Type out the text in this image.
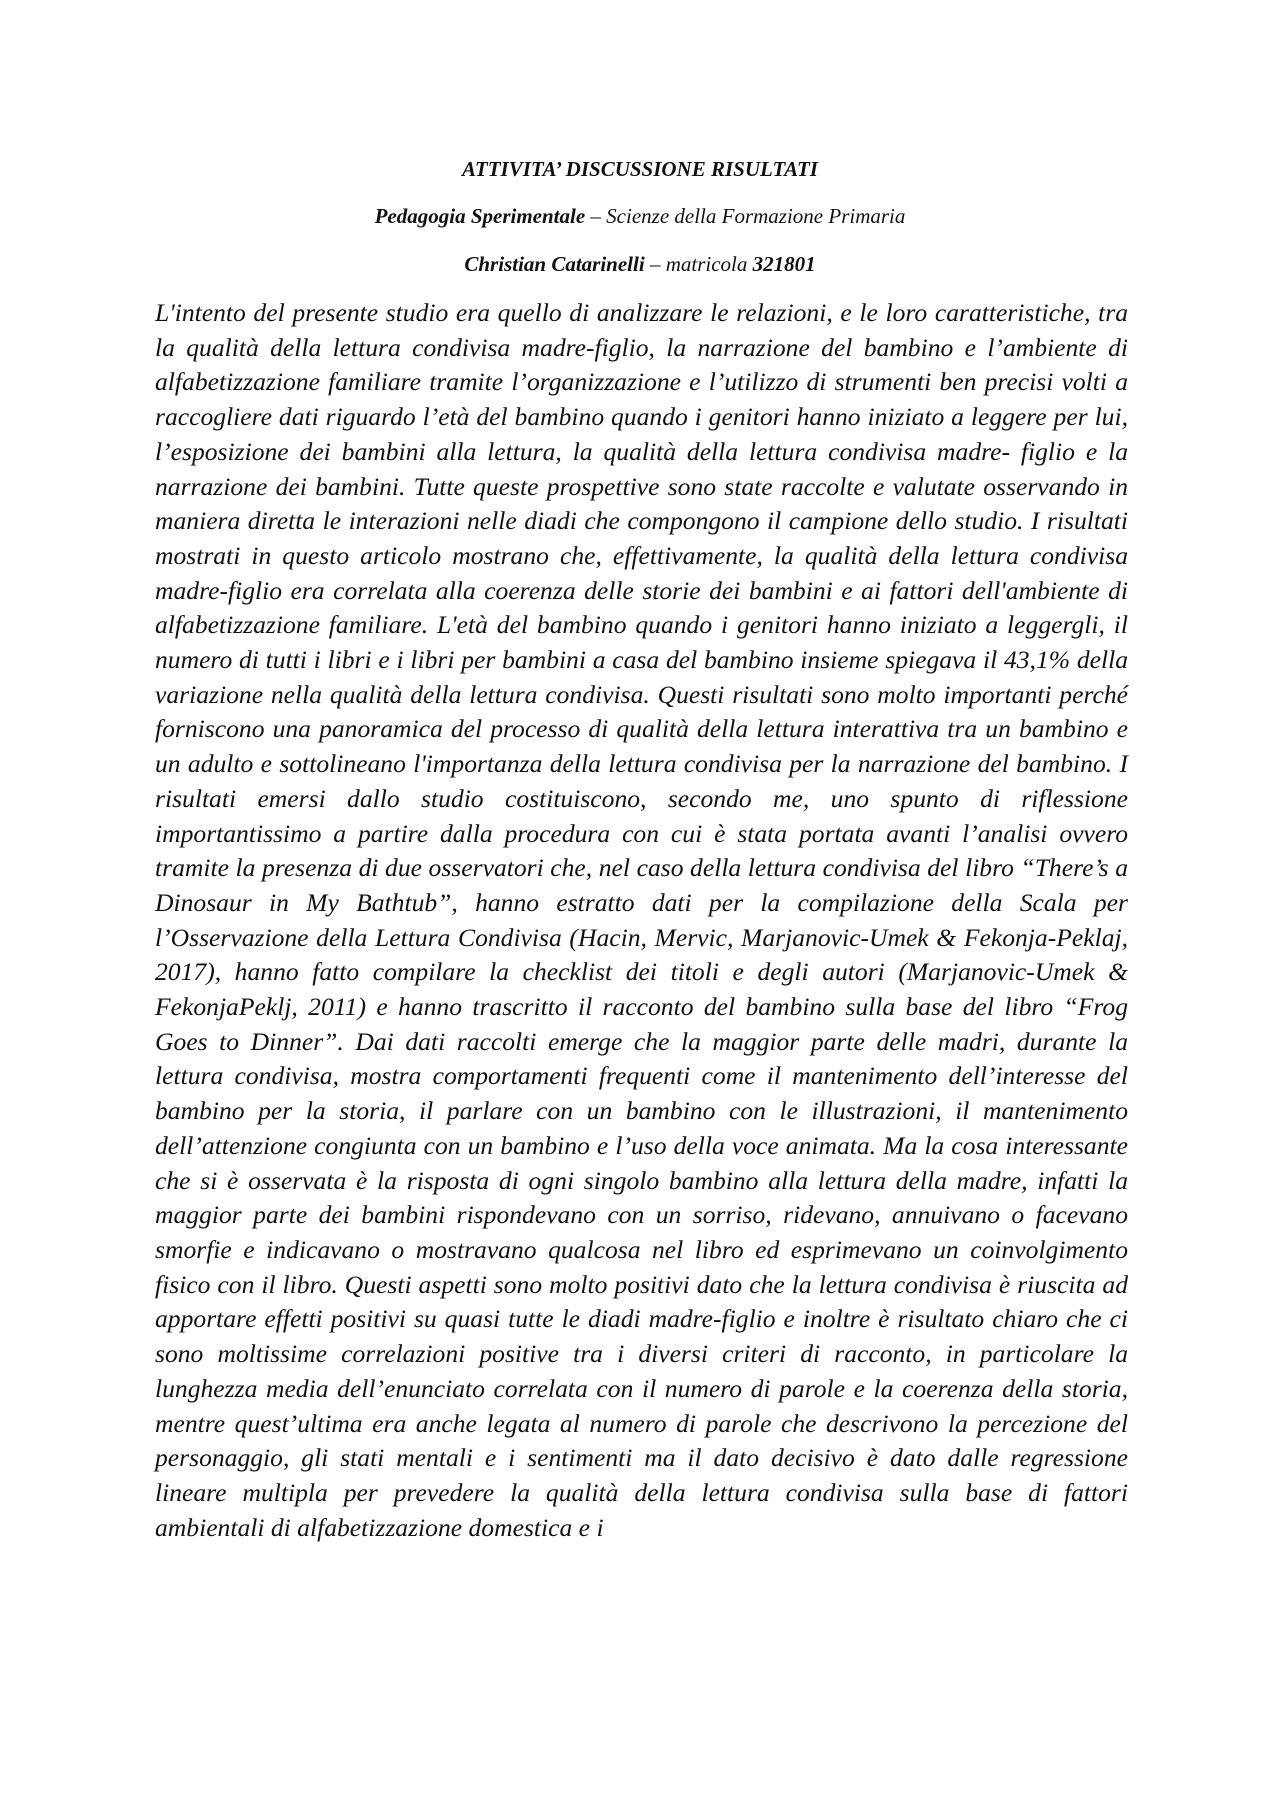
ATTIVITA’ DISCUSSIONE RISULTATI
Pedagogia Sperimentale – Scienze della Formazione Primaria
Christian Catarinelli – matricola 321801

L'intento del presente studio era quello di analizzare le relazioni, e le loro caratteristiche, tra la qualità della lettura condivisa madre-figlio, la narrazione del bambino e l’ambiente di alfabetizzazione familiare tramite l’organizzazione e l’utilizzo di strumenti ben precisi volti a raccogliere dati riguardo l’età del bambino quando i genitori hanno iniziato a leggere per lui, l’esposizione dei bambini alla lettura, la qualità della lettura condivisa madre- figlio e la narrazione dei bambini. Tutte queste prospettive sono state raccolte e valutate osservando in maniera diretta le interazioni nelle diadi che compongono il campione dello studio. I risultati mostrati in questo articolo mostrano che, effettivamente, la qualità della lettura condivisa madre-figlio era correlata alla coerenza delle storie dei bambini e ai fattori dell'ambiente di alfabetizzazione familiare. L'età del bambino quando i genitori hanno iniziato a leggergli, il numero di tutti i libri e i libri per bambini a casa del bambino insieme spiegava il 43,1% della variazione nella qualità della lettura condivisa. Questi risultati sono molto importanti perché forniscono una panoramica del processo di qualità della lettura interattiva tra un bambino e un adulto e sottolineano l'importanza della lettura condivisa per la narrazione del bambino. I risultati emersi dallo studio costituiscono, secondo me, uno spunto di riflessione importantissimo a partire dalla procedura con cui è stata portata avanti l’analisi ovvero tramite la presenza di due osservatori che, nel caso della lettura condivisa del libro “There’s a Dinosaur in My Bathtub”, hanno estratto dati per la compilazione della Scala per l’Osservazione della Lettura Condivisa (Hacin, Mervic, Marjanovic-Umek & Fekonja-Peklaj, 2017), hanno fatto compilare la checklist dei titoli e degli autori (Marjanovic-Umek & FekonjaPeklj, 2011) e hanno trascritto il racconto del bambino sulla base del libro “Frog Goes to Dinner”. Dai dati raccolti emerge che la maggior parte delle madri, durante la lettura condivisa, mostra comportamenti frequenti come il mantenimento dell’interesse del bambino per la storia, il parlare con un bambino con le illustrazioni, il mantenimento dell’attenzione congiunta con un bambino e l’uso della voce animata. Ma la cosa interessante che si è osservata è la risposta di ogni singolo bambino alla lettura della madre, infatti la maggior parte dei bambini rispondevano con un sorriso, ridevano, annuivano o facevano smorfie e indicavano o mostravano qualcosa nel libro ed esprimevano un coinvolgimento fisico con il libro. Questi aspetti sono molto positivi dato che la lettura condivisa è riuscita ad apportare effetti positivi su quasi tutte le diadi madre-figlio e inoltre è risultato chiaro che ci sono moltissime correlazioni positive tra i diversi criteri di racconto, in particolare la lunghezza media dell’enunciato correlata con il numero di parole e la coerenza della storia, mentre quest’ultima era anche legata al numero di parole che descrivono la percezione del personaggio, gli stati mentali e i sentimenti ma il dato decisivo è dato dalle regressione lineare multipla per prevedere la qualità della lettura condivisa sulla base di fattori ambientali di alfabetizzazione domestica e i
